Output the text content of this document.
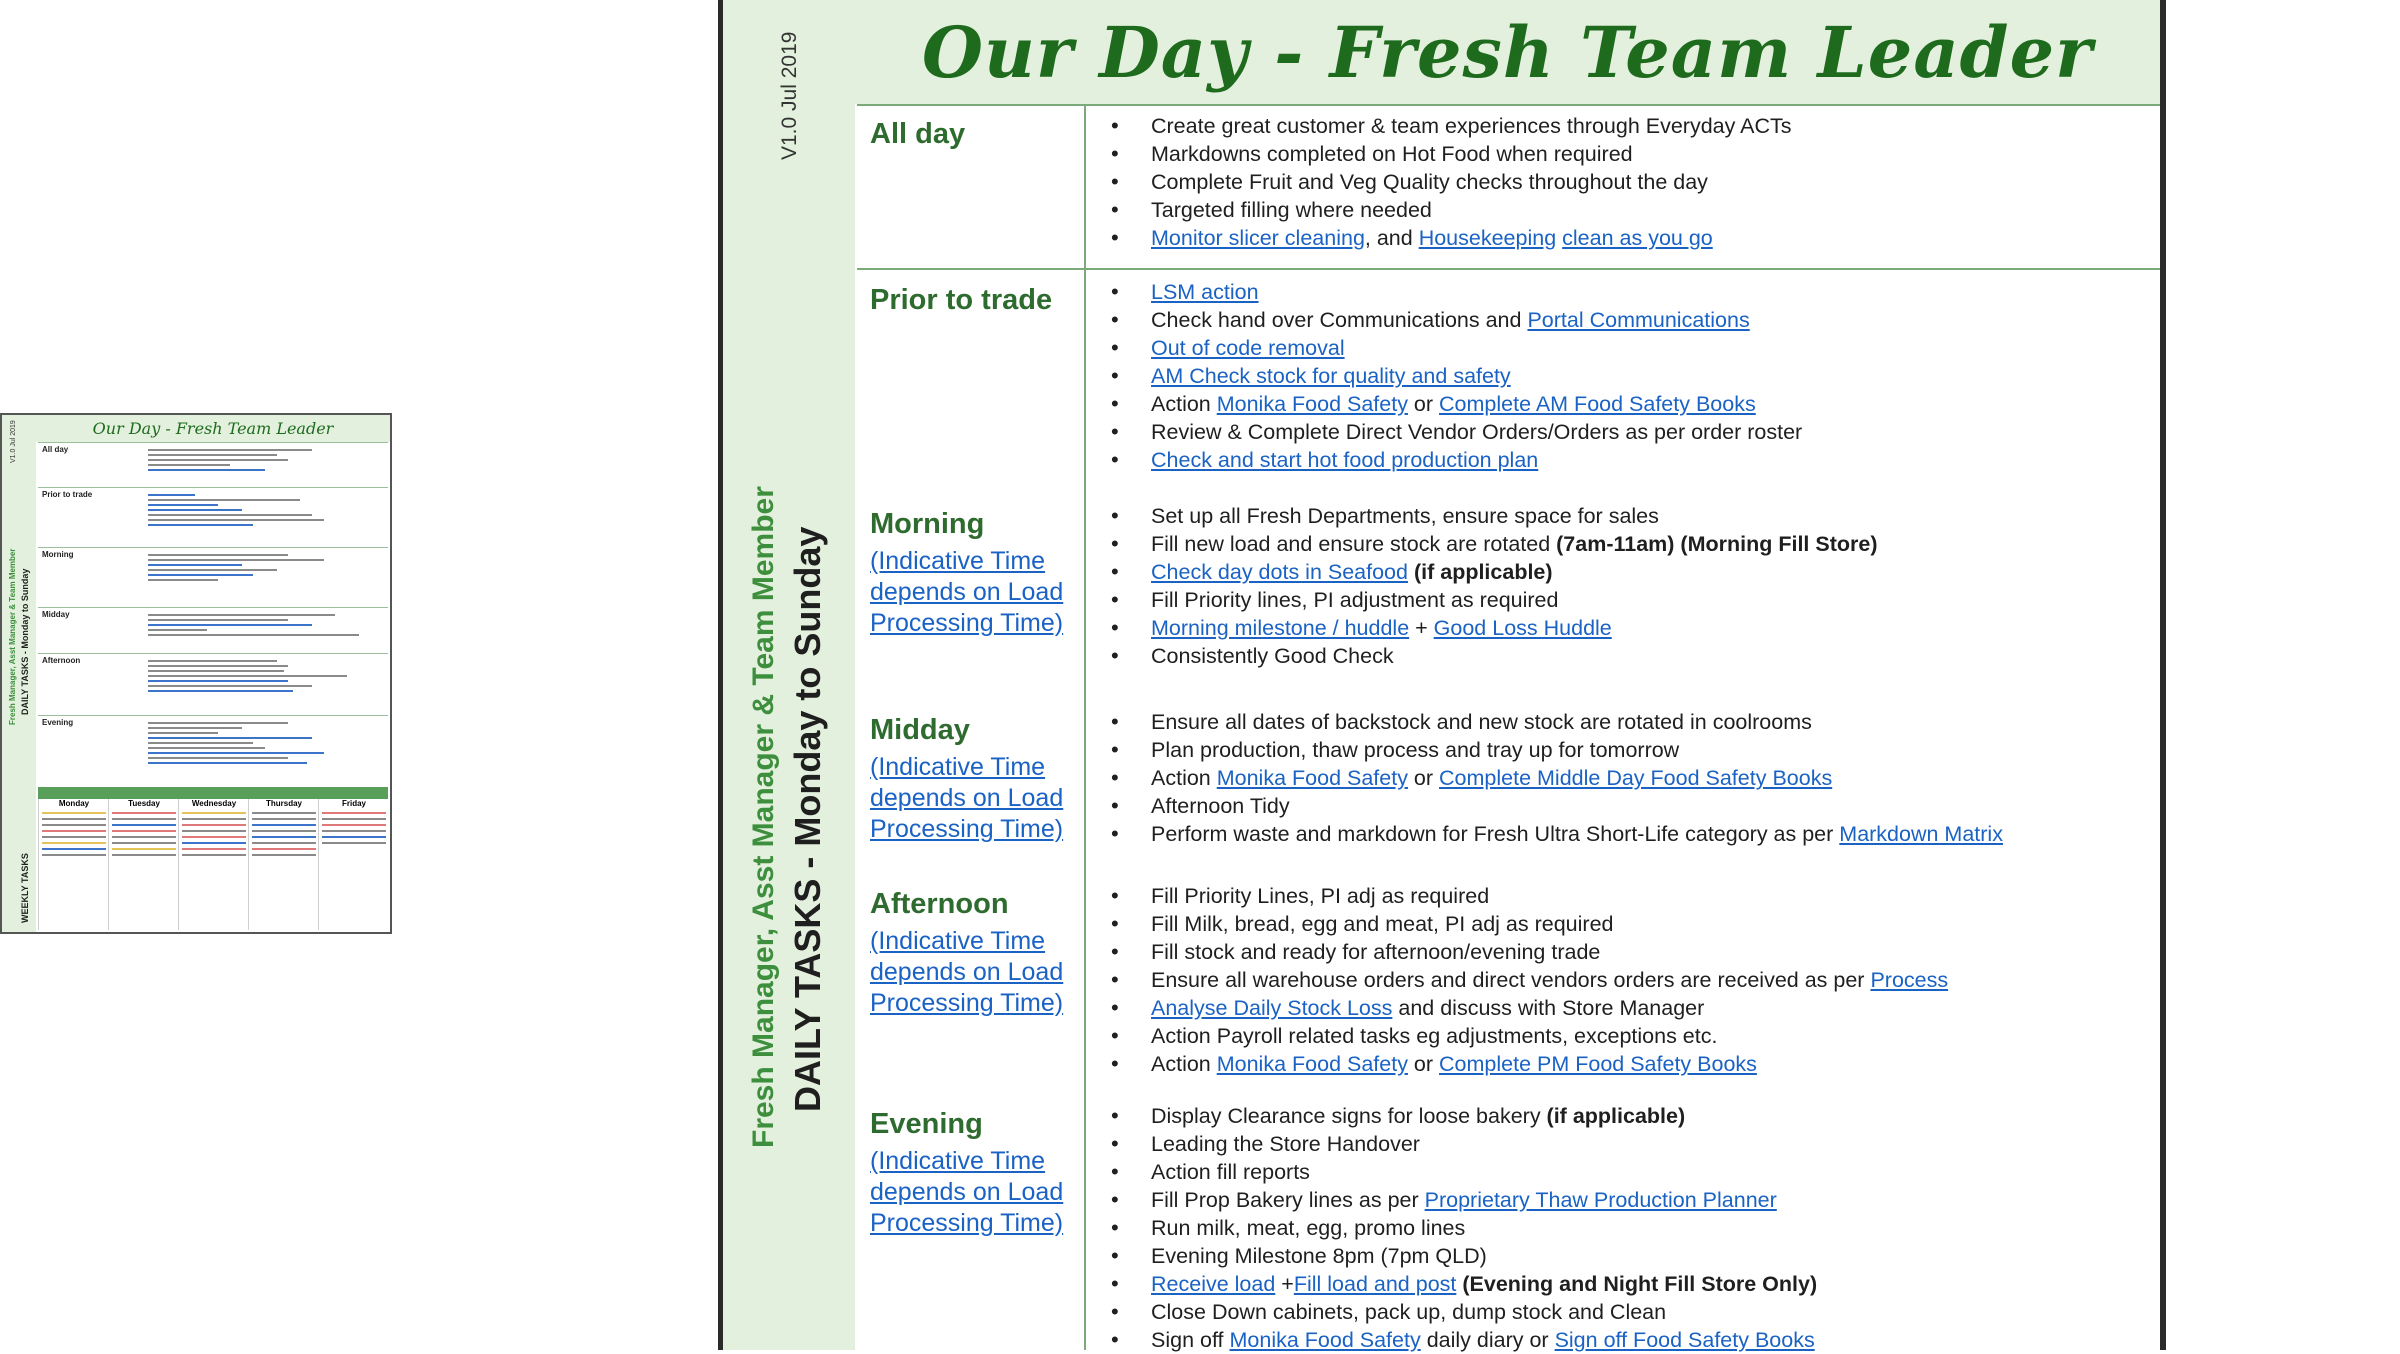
Our Day - Fresh Team Leader
V1.0 Jul 2019
Fresh Manager, Asst Manager & Team Member DAILY TASKS - Monday to Sunday
WEEKLY TASKS
All day
Prior to trade
Morning
Midday
Afternoon
Evening
Monday	Tuesday	Wednesday	Thursday	Friday
V1.0 Jul 2019
Fresh Manager, Asst Manager & Team Member DAILY TASKS - Monday to Sunday
Our Day - Fresh Team Leader
All day	• Create great customer & team experiences through Everyday ACTs
• Markdowns completed on Hot Food when required
• Complete Fruit and Veg Quality checks throughout the day
• Targeted filling where needed
• Monitor slicer cleaning, and Housekeeping clean as you go
Prior to trade	• LSM action
• Check hand over Communications and Portal Communications
• Out of code removal
• AM Check stock for quality and safety
• Action Monika Food Safety or Complete AM Food Safety Books
• Review & Complete Direct Vendor Orders/Orders as per order roster
• Check and start hot food production plan
Morning
(Indicative Time depends on Load Processing Time)
• Set up all Fresh Departments, ensure space for sales
• Fill new load and ensure stock are rotated (7am-11am) (Morning Fill Store)
• Check day dots in Seafood (if applicable)
• Fill Priority lines, PI adjustment as required
• Morning milestone / huddle + Good Loss Huddle
• Consistently Good Check
Midday
(Indicative Time depends on Load Processing Time)
• Ensure all dates of backstock and new stock are rotated in coolrooms
• Plan production, thaw process and tray up for tomorrow
• Action Monika Food Safety or Complete Middle Day Food Safety Books
• Afternoon Tidy
• Perform waste and markdown for Fresh Ultra Short-Life category as per Markdown Matrix
Afternoon
(Indicative Time depends on Load Processing Time)
• Fill Priority Lines, PI adj as required
• Fill Milk, bread, egg and meat, PI adj as required
• Fill stock and ready for afternoon/evening trade
• Ensure all warehouse orders and direct vendors orders are received as per Process
• Analyse Daily Stock Loss and discuss with Store Manager
• Action Payroll related tasks eg adjustments, exceptions etc.
• Action Monika Food Safety or Complete PM Food Safety Books
Evening
(Indicative Time depends on Load Processing Time)
• Display Clearance signs for loose bakery (if applicable)
• Leading the Store Handover
• Action fill reports
• Fill Prop Bakery lines as per Proprietary Thaw Production Planner
• Run milk, meat, egg, promo lines
• Evening Milestone 8pm (7pm QLD)
• Receive load +Fill load and post (Evening and Night Fill Store Only)
• Close Down cabinets, pack up, dump stock and Clean
• Sign off Monika Food Safety daily diary or Sign off Food Safety Books
